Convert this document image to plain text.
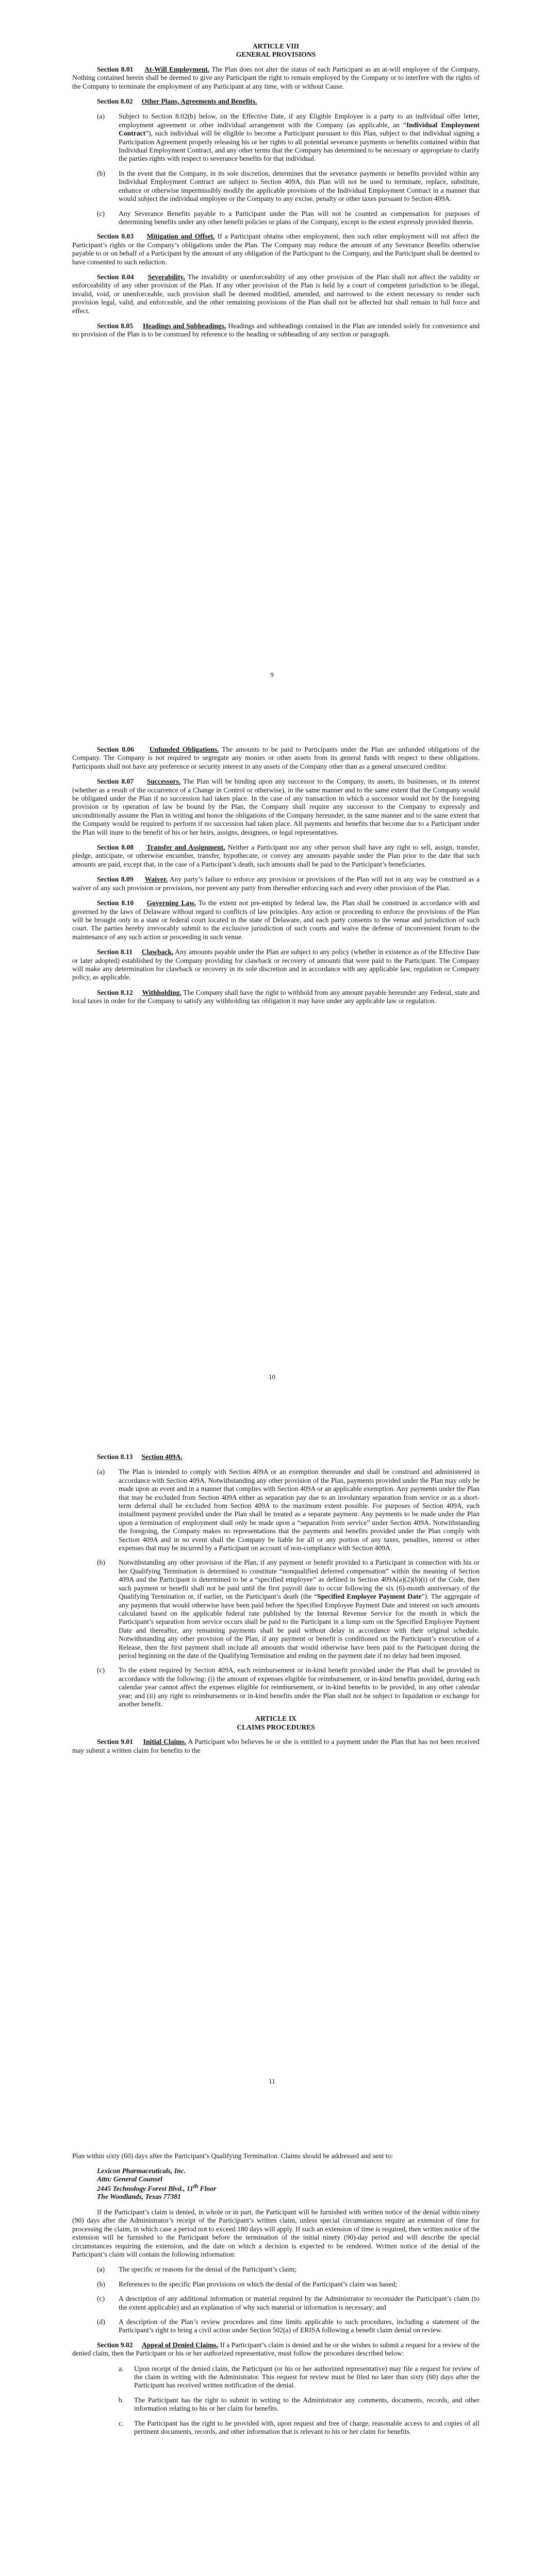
ARTICLE VIII
GENERAL PROVISIONS

Section 8.01 At-Will Employment. The Plan does not alter the status of each Participant as an at-will employee of the Company. Nothing contained herein shall be deemed to give any Participant the right to remain employed by the Company or to interfere with the rights of the Company to terminate the employment of any Participant at any time, with or without Cause.

Section 8.02 Other Plans, Agreements and Benefits.

(a) Subject to Section 8.02(b) below, on the Effective Date, if any Eligible Employee is a party to an individual offer letter, employment agreement or other individual arrangement with the Company (as applicable, an “Individual Employment Contract”), such individual will be eligible to become a Participant pursuant to this Plan, subject to that individual signing a Participation Agreement properly releasing his or her rights to all potential severance payments or benefits contained within that Individual Employment Contract, and any other terms that the Company has determined to be necessary or appropriate to clarify the parties rights with respect to severance benefits for that individual.
(b) In the event that the Company, in its sole discretion, determines that the severance payments or benefits provided within any Individual Employment Contract are subject to Section 409A, this Plan will not be used to terminate, replace, substitute, enhance or otherwise impermissibly modify the applicable provisions of the Individual Employment Contract in a manner that would subject the individual employee or the Company to any excise, penalty or other taxes pursuant to Section 409A.
(c) Any Severance Benefits payable to a Participant under the Plan will not be counted as compensation for purposes of determining benefits under any other benefit policies or plans of the Company, except to the extent expressly provided therein.

Section 8.03 Mitigation and Offset. If a Participant obtains other employment, then such other employment will not affect the Participant’s rights or the Company’s obligations under the Plan. The Company may reduce the amount of any Severance Benefits otherwise payable to or on behalf of a Participant by the amount of any obligation of the Participant to the Company, and the Participant shall be deemed to have consented to such reduction.

Section 8.04 Severability. The invalidity or unenforceability of any other provision of the Plan shall not affect the validity or enforceability of any other provision of the Plan. If any other provision of the Plan is held by a court of competent jurisdiction to be illegal, invalid, void, or unenforceable, such provision shall be deemed modified, amended, and narrowed to the extent necessary to render such provision legal, valid, and enforceable, and the other remaining provisions of the Plan shall not be affected but shall remain in full force and effect.

Section 8.05 Headings and Subheadings. Headings and subheadings contained in the Plan are intended solely for convenience and no provision of the Plan is to be construed by reference to the heading or subheading of any section or paragraph.

9

Section 8.06 Unfunded Obligations. The amounts to be paid to Participants under the Plan are unfunded obligations of the Company. The Company is not required to segregate any monies or other assets from its general funds with respect to these obligations. Participants shall not have any preference or security interest in any assets of the Company other than as a general unsecured creditor.

Section 8.07 Successors. The Plan will be binding upon any successor to the Company, its assets, its businesses, or its interest (whether as a result of the occurrence of a Change in Control or otherwise), in the same manner and to the same extent that the Company would be obligated under the Plan if no succession had taken place. In the case of any transaction in which a successor would not by the foregoing provision or by operation of law be bound by the Plan, the Company shall require any successor to the Company to expressly and unconditionally assume the Plan in writing and honor the obligations of the Company hereunder, in the same manner and to the same extent that the Company would be required to perform if no succession had taken place. All payments and benefits that become due to a Participant under the Plan will inure to the benefit of his or her heirs, assigns, designees, or legal representatives.

Section 8.08 Transfer and Assignment. Neither a Participant nor any other person shall have any right to sell, assign, transfer, pledge, anticipate, or otherwise encumber, transfer, hypothecate, or convey any amounts payable under the Plan prior to the date that such amounts are paid, except that, in the case of a Participant’s death, such amounts shall be paid to the Participant’s beneficiaries.

Section 8.09 Waiver. Any party’s failure to enforce any provision or provisions of the Plan will not in any way be construed as a waiver of any such provision or provisions, nor prevent any party from thereafter enforcing each and every other provision of the Plan.

Section 8.10 Governing Law. To the extent not pre-empted by federal law, the Plan shall be construed in accordance with and governed by the laws of Delaware without regard to conflicts of law principles. Any action or proceeding to enforce the provisions of the Plan will be brought only in a state or federal court located in the state of Delaware, and each party consents to the venue and jurisdiction of such court. The parties hereby irrevocably submit to the exclusive jurisdiction of such courts and waive the defense of inconvenient forum to the maintenance of any such action or proceeding in such venue.

Section 8.11 Clawback. Any amounts payable under the Plan are subject to any policy (whether in existence as of the Effective Date or later adopted) established by the Company providing for clawback or recovery of amounts that were paid to the Participant. The Company will make any determination for clawback or recovery in its sole discretion and in accordance with any applicable law, regulation or Company policy, as applicable.

Section 8.12 Withholding. The Company shall have the right to withhold from any amount payable hereunder any Federal, state and local taxes in order for the Company to satisfy any withholding tax obligation it may have under any applicable law or regulation.

10

Section 8.13 Section 409A.

(a) The Plan is intended to comply with Section 409A or an exemption thereunder and shall be construed and administered in accordance with Section 409A. Notwithstanding any other provision of the Plan, payments provided under the Plan may only be made upon an event and in a manner that complies with Section 409A or an applicable exemption. Any payments under the Plan that may be excluded from Section 409A either as separation pay due to an involuntary separation from service or as a short-term deferral shall be excluded from Section 409A to the maximum extent possible. For purposes of Section 409A, each installment payment provided under the Plan shall be treated as a separate payment. Any payments to be made under the Plan upon a termination of employment shall only be made upon a “separation from service” under Section 409A. Notwithstanding the foregoing, the Company makes no representations that the payments and benefits provided under the Plan comply with Section 409A and in no event shall the Company be liable for all or any portion of any taxes, penalties, interest or other expenses that may be incurred by a Participant on account of non-compliance with Section 409A.
(b) Notwithstanding any other provision of the Plan, if any payment or benefit provided to a Participant in connection with his or her Qualifying Termination is determined to constitute “nonqualified deferred compensation” within the meaning of Section 409A and the Participant is determined to be a “specified employee” as defined in Section 409A(a)(2)(b)(i) of the Code, then such payment or benefit shall not be paid until the first payroll date to occur following the six (6)-month anniversary of the Qualifying Termination or, if earlier, on the Participant’s death (the “Specified Employee Payment Date”). The aggregate of any payments that would otherwise have been paid before the Specified Employee Payment Date and interest on such amounts calculated based on the applicable federal rate published by the Internal Revenue Service for the month in which the Participant’s separation from service occurs shall be paid to the Participant in a lump sum on the Specified Employee Payment Date and thereafter, any remaining payments shall be paid without delay in accordance with their original schedule. Notwithstanding any other provision of the Plan, if any payment or benefit is conditioned on the Participant’s execution of a Release, then the first payment shall include all amounts that would otherwise have been paid to the Participant during the period beginning on the date of the Qualifying Termination and ending on the payment date if no delay had been imposed.
(c) To the extent required by Section 409A, each reimbursement or in-kind benefit provided under the Plan shall be provided in accordance with the following: (i) the amount of expenses eligible for reimbursement, or in-kind benefits provided, during each calendar year cannot affect the expenses eligible for reimbursement, or in-kind benefits to be provided, in any other calendar year; and (ii) any right to reimbursements or in-kind benefits under the Plan shall not be subject to liquidation or exchange for another benefit.
ARTICLE IX
CLAIMS PROCEDURES

Section 9.01 Initial Claims. A Participant who believes he or she is entitled to a payment under the Plan that has not been received may submit a written claim for benefits to the

11

Plan within sixty (60) days after the Participant’s Qualifying Termination. Claims should be addressed and sent to:

Lexicon Pharmaceuticals, Inc.
Attn: General Counsel
2445 Technology Forest Blvd., 11th Floor
The Woodlands, Texas 77381

If the Participant’s claim is denied, in whole or in part, the Participant will be furnished with written notice of the denial within ninety (90) days after the Administrator’s receipt of the Participant’s written claim, unless special circumstances require an extension of time for processing the claim, in which case a period not to exceed 180 days will apply. If such an extension of time is required, then written notice of the extension will be furnished to the Participant before the termination of the initial ninety (90)-day period and will describe the special circumstances requiring the extension, and the date on which a decision is expected to be rendered. Written notice of the denial of the Participant’s claim will contain the following information:

(a) The specific or reasons for the denial of the Participant’s claim;
(b) References to the specific Plan provisions on which the denial of the Participant’s claim was based;
(c) A description of any additional information or material required by the Administrator to reconsider the Participant’s claim (to the extent applicable) and an explanation of why such material or information is necessary; and
(d) A description of the Plan’s review procedures and time limits applicable to such procedures, including a statement of the Participant’s right to bring a civil action under Section 502(a) of ERISA following a benefit claim denial on review.

Section 9.02 Appeal of Denied Claims. If a Participant’s claim is denied and he or she wishes to submit a request for a review of the denied claim, then the Participant or his or her authorized representative, must follow the procedures described below:

a. Upon receipt of the denied claim, the Participant (or his or her authorized representative) may file a request for review of the claim in writing with the Administrator. This request for review must be filed no later than sixty (60) days after the Participant has received written notification of the denial.
b. The Participant has the right to submit in writing to the Administrator any comments, documents, records, and other information relating to his or her claim for benefits.
c. The Participant has the right to be provided with, upon request and free of charge, reasonable access to and copies of all pertinent documents, records, and other information that is relevant to his or her claim for benefits.
